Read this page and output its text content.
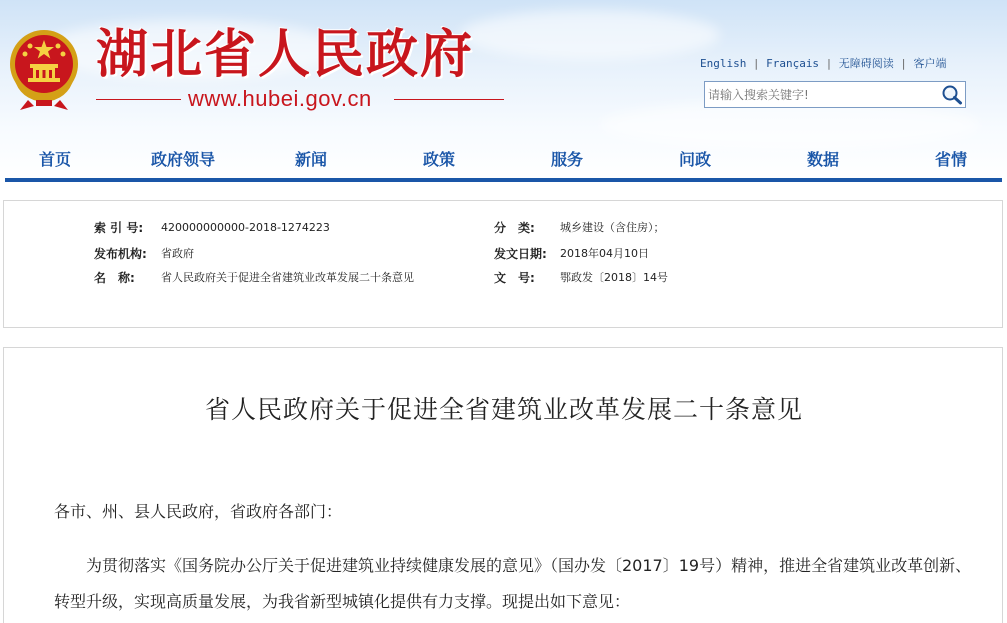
湖北省人民政府
www.hubei.gov.cn
English | Français | 无障碍阅读 | 客户端
请输入搜索关键字!
首页	政府领导	新闻	政策	服务	问政	数据	省情
索 引 号: 420000000000-2018-1274223	分　类: 城乡建设（含住房）；
发布机构: 省政府	发文日期: 2018年04月10日
名　称: 省人民政府关于促进全省建筑业改革发展二十条意见	文　号: 鄂政发〔2018〕14号
省人民政府关于促进全省建筑业改革发展二十条意见
各市、州、县人民政府，省政府各部门：
为贯彻落实《国务院办公厅关于促进建筑业持续健康发展的意见》（国办发〔2017〕19号）精神，推进全省建筑业改革创新、转型升级，实现高质量发展，为我省新型城镇化提供有力支撑。现提出如下意见：
